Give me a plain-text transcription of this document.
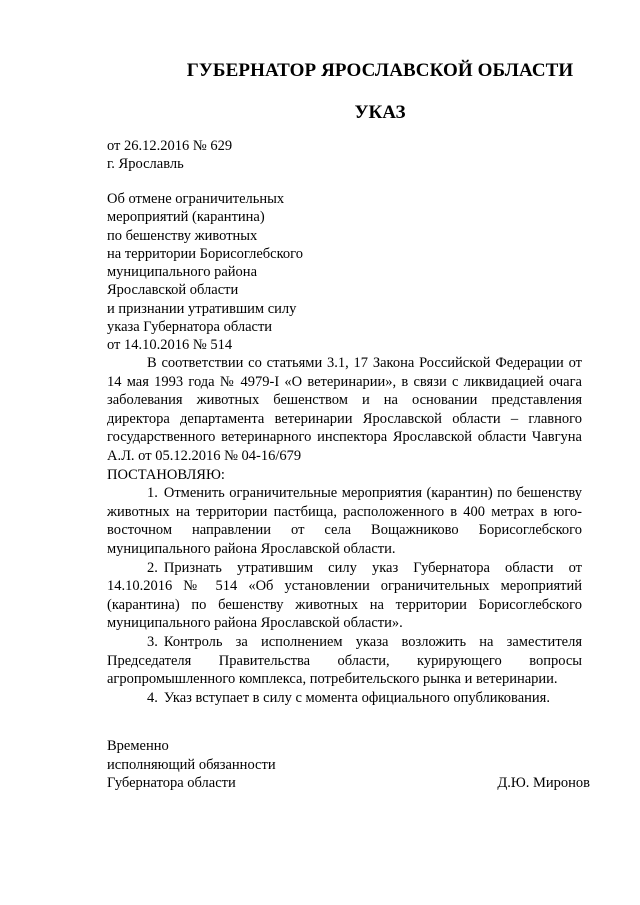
ГУБЕРНАТОР ЯРОСЛАВСКОЙ ОБЛАСТИ
УКАЗ
от 26.12.2016 № 629
г. Ярославль
Об отмене ограничительных
мероприятий (карантина)
по бешенству животных
на территории Борисоглебского
муниципального района
Ярославской области
и признании утратившим силу
указа Губернатора области
от 14.10.2016 № 514

В соответствии со статьями 3.1, 17 Закона Российской Федерации от 14 мая 1993 года № 4979-I «О ветеринарии», в связи с ликвидацией очага заболевания животных бешенством и на основании представления директора департамента ветеринарии Ярославской области – главного государственного ветеринарного инспектора Ярославской области Чавгуна А.Л. от 05.12.2016 № 04-16/679

ПОСТАНОВЛЯЮ:

1. Отменить ограничительные мероприятия (карантин) по бешенству животных на территории пастбища, расположенного в 400 метрах в юго-восточном направлении от села Вощажниково Борисоглебского муниципального района Ярославской области.

2. Признать утратившим силу указ Губернатора области от 14.10.2016 № 514 «Об установлении ограничительных мероприятий (карантина) по бешенству животных на территории Борисоглебского муниципального района Ярославской области».

3. Контроль за исполнением указа возложить на заместителя Председателя Правительства области, курирующего вопросы агропромышленного комплекса, потребительского рынка и ветеринарии.

4. Указ вступает в силу с момента официального опубликования.

Временно
исполняющий обязанности
Губернатора области	Д.Ю. Миронов
